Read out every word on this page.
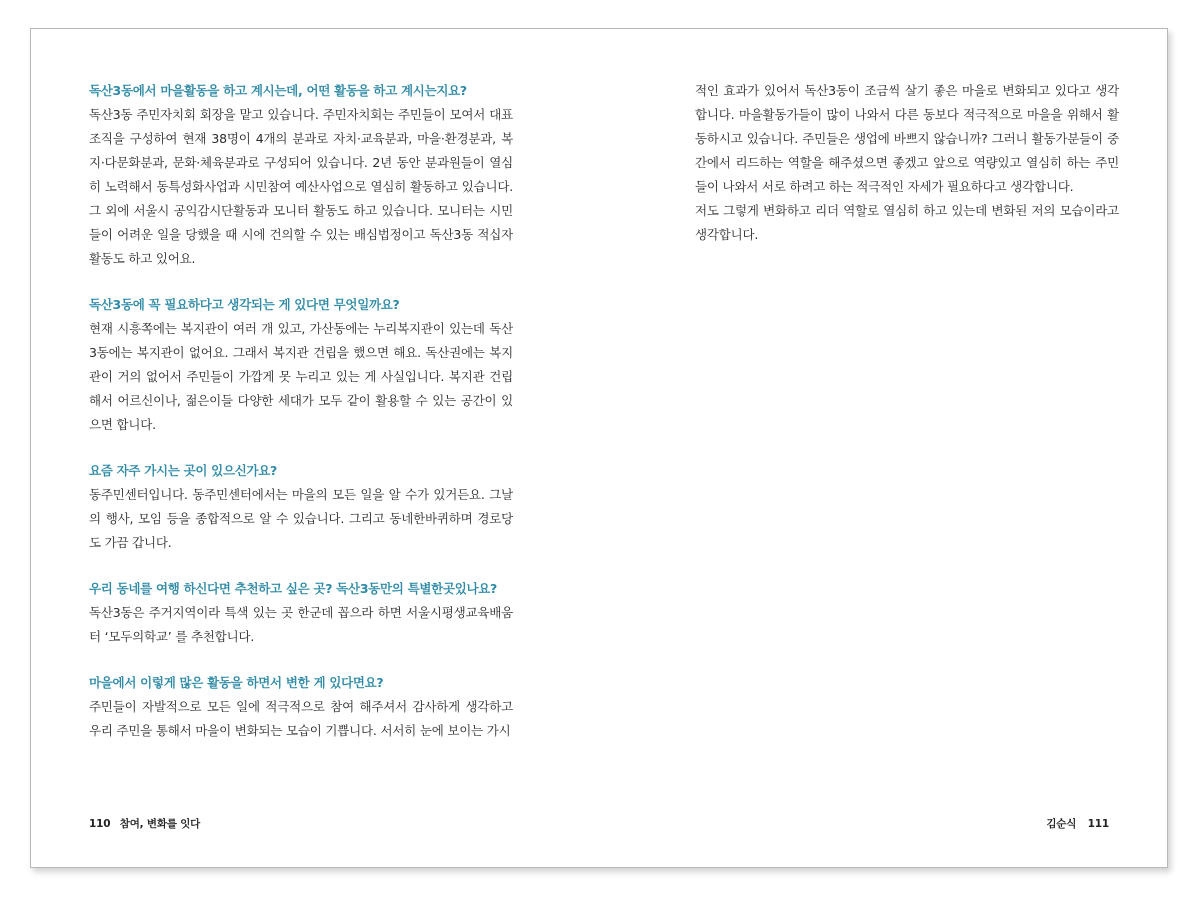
독산3동에서 마을활동을 하고 계시는데, 어떤 활동을 하고 계시는지요?

독산3동 주민자치회 회장을 맡고 있습니다. 주민자치회는 주민들이 모여서 대표조직을 구성하여 현재 38명이 4개의 분과로 자치·교육분과, 마을·환경분과, 복지·다문화분과, 문화·체육분과로 구성되어 있습니다. 2년 동안 분과원들이 열심히 노력해서 동특성화사업과 시민참여 예산사업으로 열심히 활동하고 있습니다. 그 외에 서울시 공익감시단활동과 모니터 활동도 하고 있습니다. 모니터는 시민들이 어려운 일을 당했을 때 시에 건의할 수 있는 배심법정이고 독산3동 적십자활동도 하고 있어요.

독산3동에 꼭 필요하다고 생각되는 게 있다면 무엇일까요?

현재 시흥쪽에는 복지관이 여러 개 있고, 가산동에는 누리복지관이 있는데 독산3동에는 복지관이 없어요. 그래서 복지관 건립을 했으면 해요. 독산권에는 복지관이 거의 없어서 주민들이 가깝게 못 누리고 있는 게 사실입니다. 복지관 건립해서 어르신이나, 젊은이들 다양한 세대가 모두 같이 활용할 수 있는 공간이 있으면 합니다.

요즘 자주 가시는 곳이 있으신가요?

동주민센터입니다. 동주민센터에서는 마을의 모든 일을 알 수가 있거든요. 그날의 행사, 모임 등을 종합적으로 알 수 있습니다. 그리고 동네한바퀴하며 경로당도 가끔 갑니다.

우리 동네를 여행 하신다면 추천하고 싶은 곳? 독산3동만의 특별한곳있나요?

독산3동은 주거지역이라 특색 있는 곳 한군데 꼽으라 하면 서울시평생교육배움터 ‘모두의학교’ 를 추천합니다.

마을에서 이렇게 많은 활동을 하면서 변한 게 있다면요?

주민들이 자발적으로 모든 일에 적극적으로 참여 해주셔서 감사하게 생각하고 우리 주민을 통해서 마을이 변화되는 모습이 기쁩니다. 서서히 눈에 보이는 가시

적인 효과가 있어서 독산3동이 조금씩 살기 좋은 마을로 변화되고 있다고 생각합니다. 마을활동가들이 많이 나와서 다른 동보다 적극적으로 마을을 위해서 활동하시고 있습니다. 주민들은 생업에 바쁘지 않습니까? 그러니 활동가분들이 중간에서 리드하는 역할을 해주셨으면 좋겠고 앞으로 역량있고 열심히 하는 주민들이 나와서 서로 하려고 하는 적극적인 자세가 필요하다고 생각합니다.

저도 그렇게 변화하고 리더 역할로 열심히 하고 있는데 변화된 저의 모습이라고 생각합니다.

110 참여, 변화를 잇다	김순식 111
